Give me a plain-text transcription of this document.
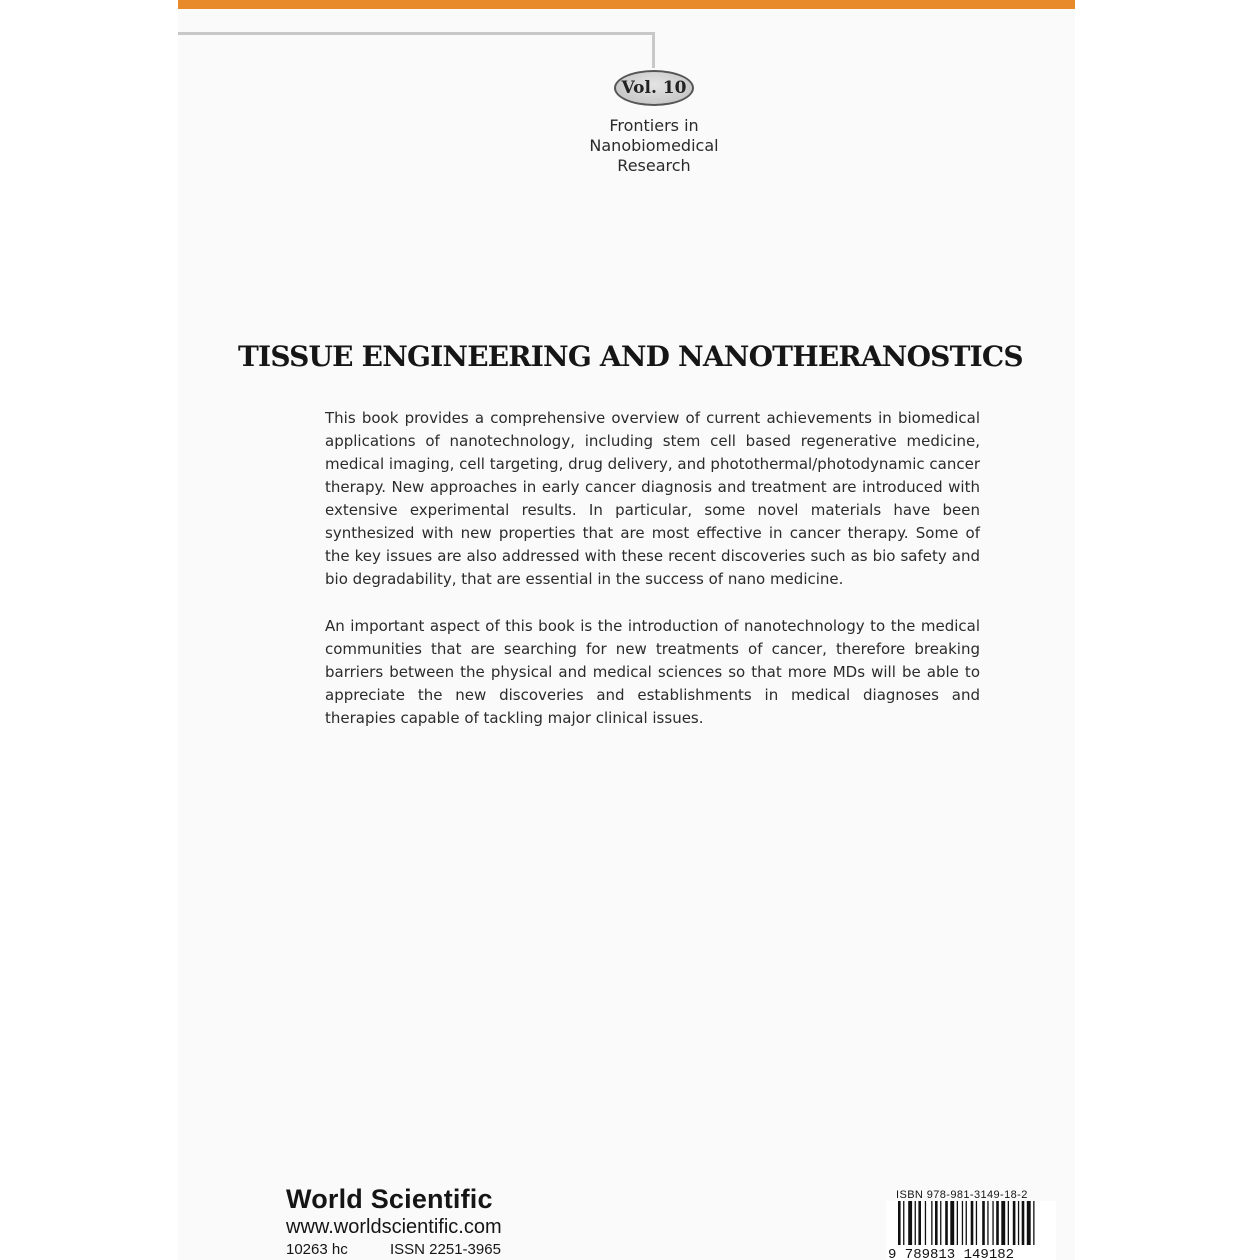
Vol. 10
Frontiers in
Nanobiomedical
Research
TISSUE ENGINEERING AND NANOTHERANOSTICS

This book provides a comprehensive overview of current achievements in biomedical applications of nanotechnology, including stem cell based regenerative medicine, medical imaging, cell targeting, drug delivery, and photothermal/photodynamic cancer therapy. New approaches in early cancer diagnosis and treatment are introduced with extensive experimental results. In particular, some novel materials have been synthesized with new properties that are most effective in cancer therapy. Some of the key issues are also addressed with these recent discoveries such as bio safety and bio degradability, that are essential in the success of nano medicine.

An important aspect of this book is the introduction of nanotechnology to the medical communities that are searching for new treatments of cancer, therefore breaking barriers between the physical and medical sciences so that more MDs will be able to appreciate the new discoveries and establishments in medical diagnoses and therapies capable of tackling major clinical issues.

World Scientific
www.worldscientific.com
10263 hc	ISSN 2251-3965
ISBN 978-981-3149-18-2
9 789813 149182
